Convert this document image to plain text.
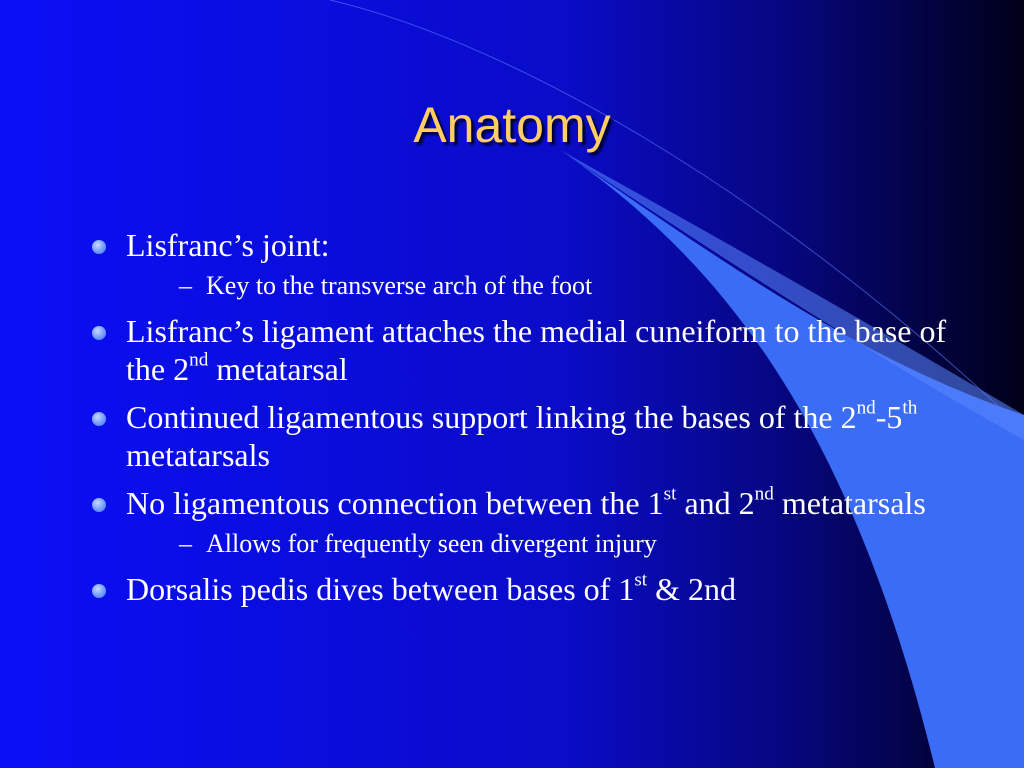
Anatomy
Lisfranc’s joint:
– Key to the transverse arch of the foot
Lisfranc’s ligament attaches the medial cuneiform to the base of the 2nd metatarsal
Continued ligamentous support linking the bases of the 2nd-5th metatarsals
No ligamentous connection between the 1st and 2nd metatarsals
– Allows for frequently seen divergent injury
Dorsalis pedis dives between bases of 1st & 2nd
